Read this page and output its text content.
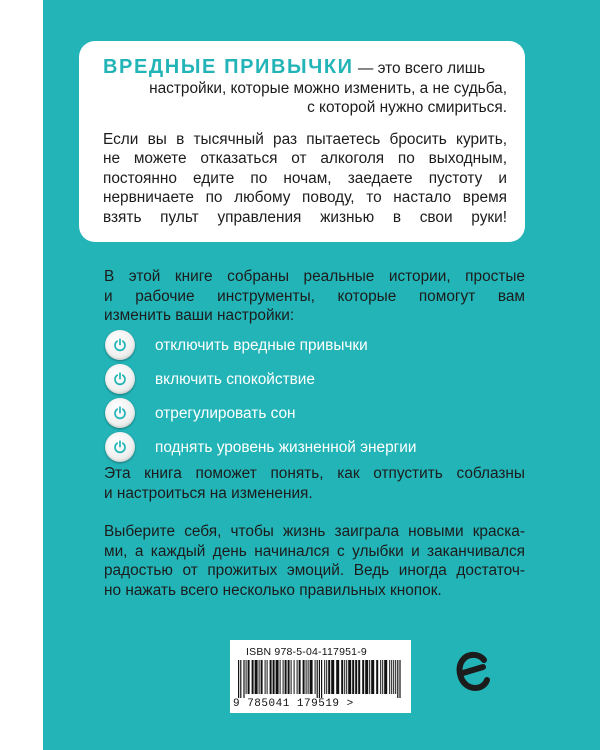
ВРЕДНЫЕ ПРИВЫЧКИ — это всего лишь
настройки, которые можно изменить, а не судьба,
с которой нужно смириться.

Если вы в тысячный раз пытаетесь бросить курить,
не можете отказаться от алкоголя по выходным,
постоянно едите по ночам, заедаете пустоту и
нервничаете по любому поводу, то настало время
взять пульт управления жизнью в свои руки!

В этой книге собраны реальные истории, простые
и рабочие инструменты, которые помогут вам
изменить ваши настройки:

отключить вредные привычки
включить спокойствие
отрегулировать сон
поднять уровень жизненной энергии

Эта книга поможет понять, как отпустить соблазны
и настроиться на изменения.

Выберите себя, чтобы жизнь заиграла новыми краска-
ми, а каждый день начинался с улыбки и заканчивался
радостью от прожитых эмоций. Ведь иногда достаточ-
но нажать всего несколько правильных кнопок.

ISBN 978-5-04-117951-9
9 785041 179519 >
